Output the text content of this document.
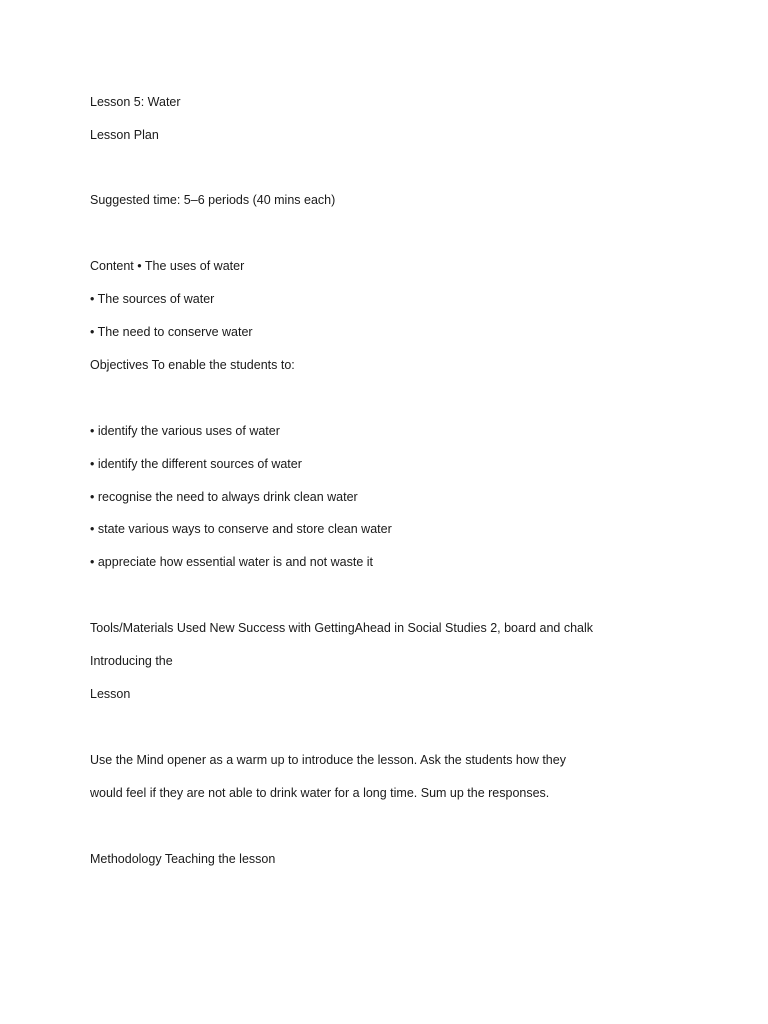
Lesson 5: Water
Lesson Plan
Suggested time: 5–6 periods (40 mins each)
Content • The uses of water
• The sources of water
• The need to conserve water
Objectives To enable the students to:
• identify the various uses of water
• identify the different sources of water
• recognise the need to always drink clean water
• state various ways to conserve and store clean water
• appreciate how essential water is and not waste it
Tools/Materials Used New Success with GettingAhead in Social Studies 2, board and chalk
Introducing the
Lesson
Use the Mind opener as a warm up to introduce the lesson. Ask the students how they
would feel if they are not able to drink water for a long time. Sum up the responses.
Methodology Teaching the lesson
